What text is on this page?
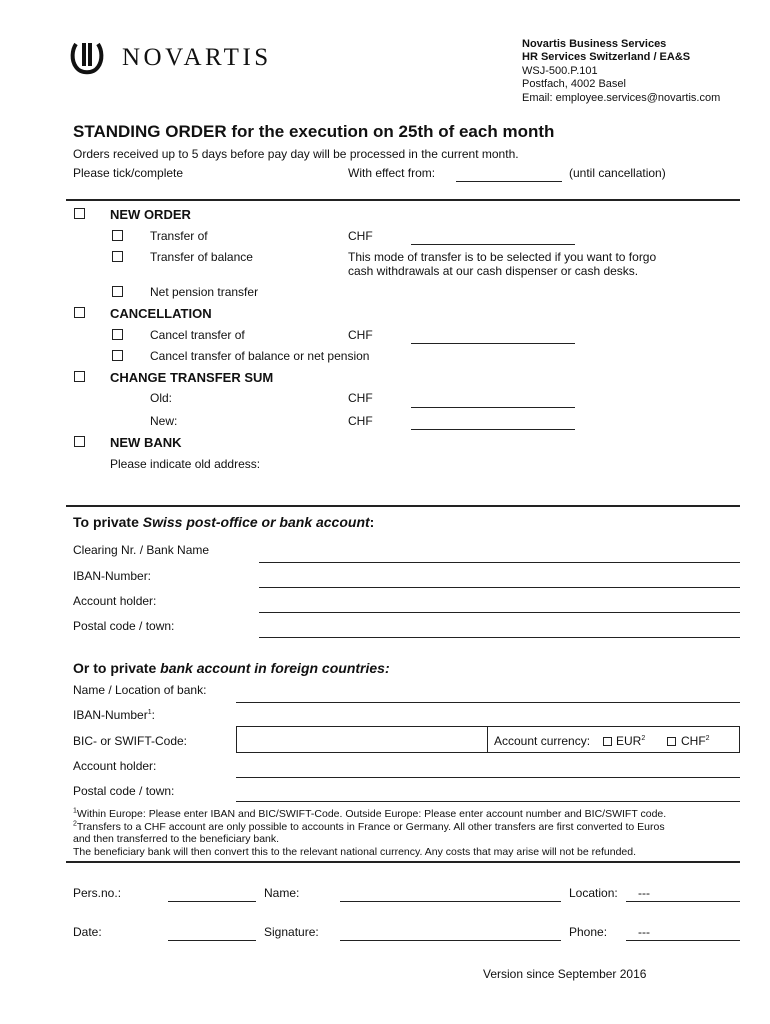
NOVARTIS	Novartis Business Services
HR Services Switzerland / EA&S
WSJ-500.P.101
Postfach, 4002 Basel
Email: employee.services@novartis.com
STANDING ORDER for the execution on 25th of each month
Orders received up to 5 days before pay day will be processed in the current month.
Please tick/complete	With effect from:	(until cancellation)
NEW ORDER
Transfer of	CHF
Transfer of balance	This mode of transfer is to be selected if you want to forgo
cash withdrawals at our cash dispenser or cash desks.
Net pension transfer
CANCELLATION
Cancel transfer of	CHF
Cancel transfer of balance or net pension
CHANGE TRANSFER SUM
Old:	CHF
New:	CHF
NEW BANK
Please indicate old address:
To private Swiss post-office or bank account:
Clearing Nr. / Bank Name
IBAN-Number:
Account holder:
Postal code / town:
Or to private bank account in foreign countries:
Name / Location of bank:
IBAN-Number$^1$:
BIC- or SWIFT-Code:	Account currency: EUR$^2$	CHF$^2$
Account holder:
Postal code / town:
$^1$Within Europe: Please enter IBAN and BIC/SWIFT-Code. Outside Europe: Please enter account number and BIC/SWIFT code.
$^2$Transfers to a CHF account are only possible to accounts in France or Germany. All other transfers are first converted to Euros
and then transferred to the beneficiary bank.
The beneficiary bank will then convert this to the relevant national currency. Any costs that may arise will not be refunded.
Pers.no.:	Name:	Location: ---
Date:	Signature:	Phone:	---
Version since September 2016
